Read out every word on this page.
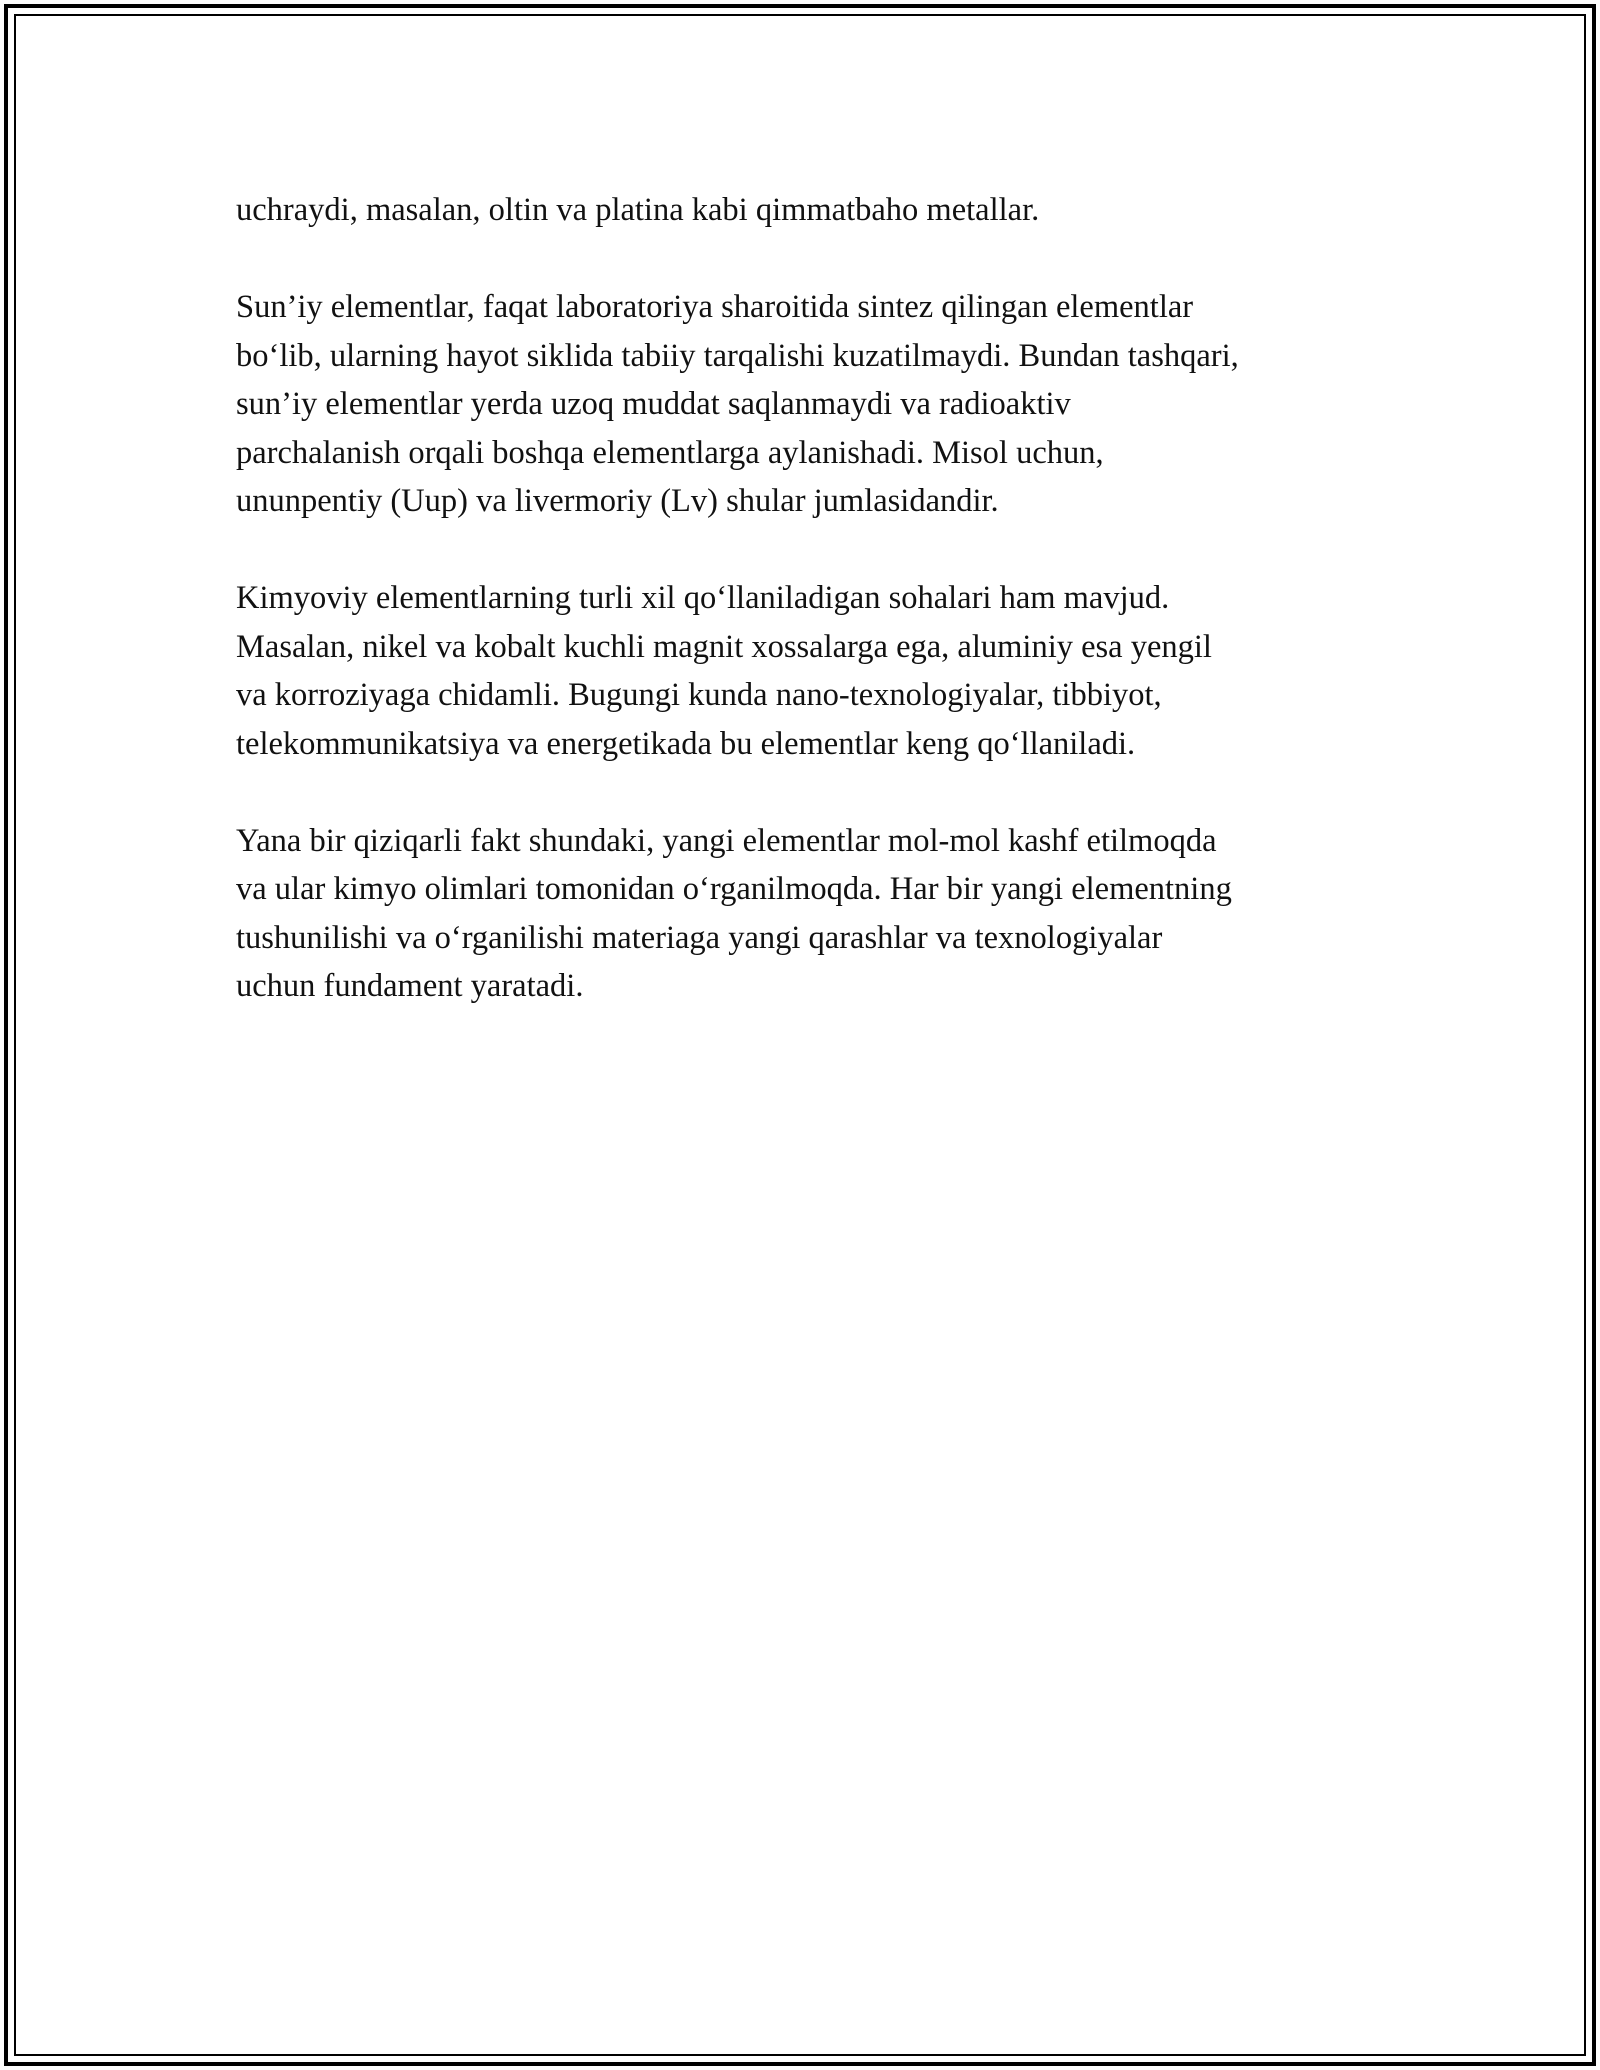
uchraydi, masalan, oltin va platina kabi qimmatbaho metallar.

Sun’iy elementlar, faqat laboratoriya sharoitida sintez qilingan elementlar
bo‘lib, ularning hayot siklida tabiiy tarqalishi kuzatilmaydi. Bundan tashqari,
sun’iy elementlar yerda uzoq muddat saqlanmaydi va radioaktiv
parchalanish orqali boshqa elementlarga aylanishadi. Misol uchun,
ununpentiy (Uup) va livermoriy (Lv) shular jumlasidandir.

Kimyoviy elementlarning turli xil qo‘llaniladigan sohalari ham mavjud.
Masalan, nikel va kobalt kuchli magnit xossalarga ega, aluminiy esa yengil
va korroziyaga chidamli. Bugungi kunda nano-texnologiyalar, tibbiyot,
telekommunikatsiya va energetikada bu elementlar keng qo‘llaniladi.

Yana bir qiziqarli fakt shundaki, yangi elementlar mol-mol kashf etilmoqda
va ular kimyo olimlari tomonidan o‘rganilmoqda. Har bir yangi elementning
tushunilishi va o‘rganilishi materiaga yangi qarashlar va texnologiyalar
uchun fundament yaratadi.
